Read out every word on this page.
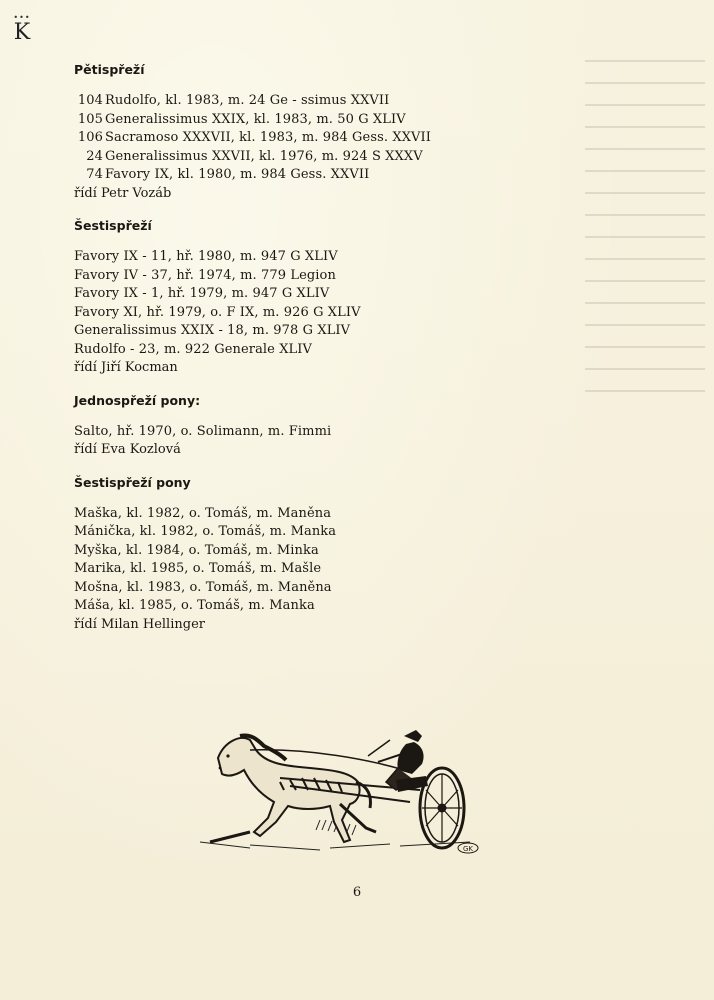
•••
K
Pětispřeží
104 Rudolfo, kl. 1983, m. 24 Ge - ssimus XXVII
105 Generalissimus XXIX, kl. 1983, m. 50 G XLIV
106 Sacramoso XXXVII, kl. 1983, m. 984 Gess. XXVII
24 Generalissimus XXVII, kl. 1976, m. 924 S XXXV
74 Favory IX, kl. 1980, m. 984 Gess. XXVII
řídí Petr Vozáb
Šestispřeží
Favory IX - 11, hř. 1980, m. 947 G XLIV
Favory IV - 37, hř. 1974, m. 779 Legion
Favory IX - 1, hř. 1979, m. 947 G XLIV
Favory XI, hř. 1979, o. F IX, m. 926 G XLIV
Generalissimus XXIX - 18, m. 978 G XLIV
Rudolfo - 23, m. 922 Generale XLIV
řídí Jiří Kocman
Jednospřeží pony:
Salto, hř. 1970, o. Solimann, m. Fimmi
řídí Eva Kozlová
Šestispřeží pony
Maška, kl. 1982, o. Tomáš, m. Maněna
Mánička, kl. 1982, o. Tomáš, m. Manka
Myška, kl. 1984, o. Tomáš, m. Minka
Marika, kl. 1985, o. Tomáš, m. Mašle
Mošna, kl. 1983, o. Tomáš, m. Maněna
Máša, kl. 1985, o. Tomáš, m. Manka
řídí Milan Hellinger
GK
6
